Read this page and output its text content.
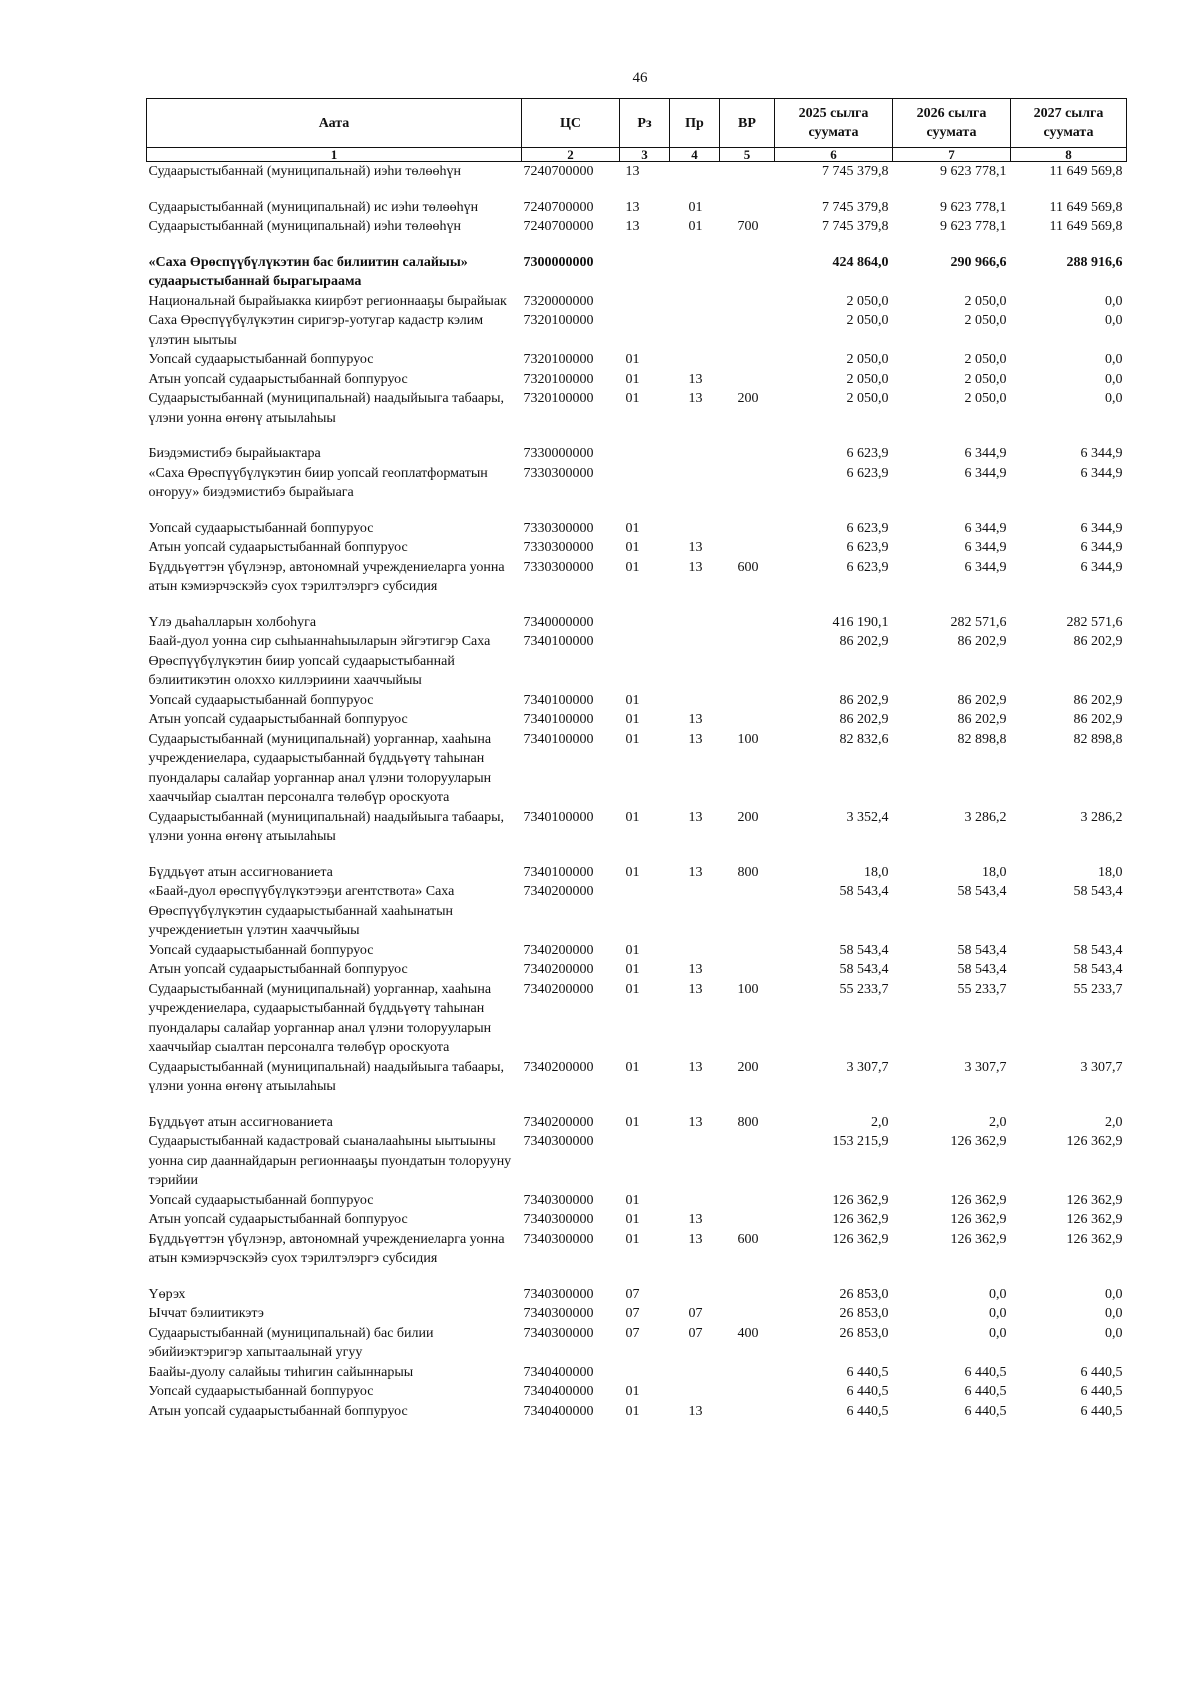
46
Аата	ЦС	Рз	Пр	ВР	2025 сылга суумата	2026 сылга суумата	2027 сылга суумата
1	2	3	4	5	6	7	8
Судаарыстыбаннай (муниципальнай) иэһи төлөөһүн	7240700000	13			7 745 379,8	9 623 778,1	11 649 569,8

Судаарыстыбаннай (муниципальнай) ис иэһи төлөөһүн	7240700000	13	01		7 745 379,8	9 623 778,1	11 649 569,8
Судаарыстыбаннай (муниципальнай) иэһи төлөөһүн	7240700000	13	01	700	7 745 379,8	9 623 778,1	11 649 569,8

«Саха Өрөспүүбүлүкэтин бас билиитин салайыы» судаарыстыбаннай бырагыраама	7300000000				424 864,0	290 966,6	288 916,6
Национальнай бырайыакка киирбэт регионнааҕы бырайыак	7320000000				2 050,0	2 050,0	0,0
Саха Өрөспүүбүлүкэтин сиригэр-уотугар кадастр кэлим үлэтин ыытыы	7320100000				2 050,0	2 050,0	0,0
Уопсай судаарыстыбаннай боппуруос	7320100000	01			2 050,0	2 050,0	0,0
Атын уопсай судаарыстыбаннай боппуруос	7320100000	01	13		2 050,0	2 050,0	0,0
Судаарыстыбаннай (муниципальнай) наадыйыыга табаары, үлэни уонна өҥөнү атыылаһыы	7320100000	01	13	200	2 050,0	2 050,0	0,0

Биэдэмистибэ бырайыактара	7330000000				6 623,9	6 344,9	6 344,9
«Саха Өрөспүүбүлүкэтин биир уопсай геоплатформатын оҥоруу» биэдэмистибэ бырайыага	7330300000				6 623,9	6 344,9	6 344,9

Уопсай судаарыстыбаннай боппуруос	7330300000	01			6 623,9	6 344,9	6 344,9
Атын уопсай судаарыстыбаннай боппуруос	7330300000	01	13		6 623,9	6 344,9	6 344,9
Бүддьүөттэн үбүлэнэр, автономнай учреждениеларга уонна атын кэмиэрчэскэйэ суох тэрилтэлэргэ субсидия	7330300000	01	13	600	6 623,9	6 344,9	6 344,9

Үлэ дьаһалларын холбоһуга	7340000000				416 190,1	282 571,6	282 571,6
Баай-дуол уонна сир сыһыаннаһыыларын эйгэтигэр Саха Өрөспүүбүлүкэтин биир уопсай судаарыстыбаннай бэлиитикэтин олоххо киллэриини хааччыйыы	7340100000				86 202,9	86 202,9	86 202,9
Уопсай судаарыстыбаннай боппуруос	7340100000	01			86 202,9	86 202,9	86 202,9
Атын уопсай судаарыстыбаннай боппуруос	7340100000	01	13		86 202,9	86 202,9	86 202,9
Судаарыстыбаннай (муниципальнай) уорганнар, хааһына учреждениелара, судаарыстыбаннай бүддьүөтү таһынан пуондалары салайар уорганнар анал үлэни толорууларын хааччыйар сыалтан персоналга төлөбүр ороскуота	7340100000	01	13	100	82 832,6	82 898,8	82 898,8
Судаарыстыбаннай (муниципальнай) наадыйыыга табаары, үлэни уонна өҥөнү атыылаһыы	7340100000	01	13	200	3 352,4	3 286,2	3 286,2

Бүддьүөт атын ассигнованиета	7340100000	01	13	800	18,0	18,0	18,0
«Баай-дуол өрөспүүбүлүкэтээҕи агентствота» Саха Өрөспүүбүлүкэтин судаарыстыбаннай хааһынатын учреждениетын үлэтин хааччыйыы	7340200000				58 543,4	58 543,4	58 543,4
Уопсай судаарыстыбаннай боппуруос	7340200000	01			58 543,4	58 543,4	58 543,4
Атын уопсай судаарыстыбаннай боппуруос	7340200000	01	13		58 543,4	58 543,4	58 543,4
Судаарыстыбаннай (муниципальнай) уорганнар, хааһына учреждениелара, судаарыстыбаннай бүддьүөтү таһынан пуондалары салайар уорганнар анал үлэни толорууларын хааччыйар сыалтан персоналга төлөбүр ороскуота	7340200000	01	13	100	55 233,7	55 233,7	55 233,7
Судаарыстыбаннай (муниципальнай) наадыйыыга табаары, үлэни уонна өҥөнү атыылаһыы	7340200000	01	13	200	3 307,7	3 307,7	3 307,7

Бүддьүөт атын ассигнованиета	7340200000	01	13	800	2,0	2,0	2,0
Судаарыстыбаннай кадастровай сыаналааһыны ыытыыны уонна сир дааннайдарын регионнааҕы пуондатын толорууну тэрийии	7340300000				153 215,9	126 362,9	126 362,9
Уопсай судаарыстыбаннай боппуруос	7340300000	01			126 362,9	126 362,9	126 362,9
Атын уопсай судаарыстыбаннай боппуруос	7340300000	01	13		126 362,9	126 362,9	126 362,9
Бүддьүөттэн үбүлэнэр, автономнай учреждениеларга уонна атын кэмиэрчэскэйэ суох тэрилтэлэргэ субсидия	7340300000	01	13	600	126 362,9	126 362,9	126 362,9

Үөрэх	7340300000	07			26 853,0	0,0	0,0
Ыччат бэлиитикэтэ	7340300000	07	07		26 853,0	0,0	0,0
Судаарыстыбаннай (муниципальнай) бас билии эбийиэктэригэр хапытаалынай угуу	7340300000	07	07	400	26 853,0	0,0	0,0
Баайы-дуолу салайыы тиһигин сайыннарыы	7340400000				6 440,5	6 440,5	6 440,5
Уопсай судаарыстыбаннай боппуруос	7340400000	01			6 440,5	6 440,5	6 440,5
Атын уопсай судаарыстыбаннай боппуруос	7340400000	01	13		6 440,5	6 440,5	6 440,5
